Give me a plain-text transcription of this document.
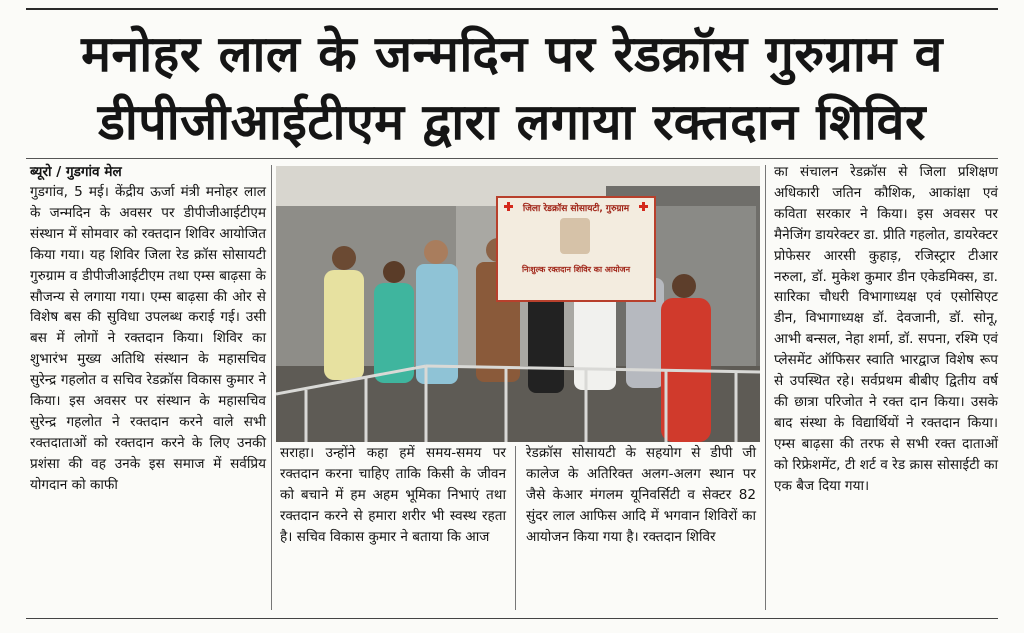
मनोहर लाल के जन्मदिन पर रेडक्रॉस गुरुग्राम व
डीपीजीआईटीएम द्वारा लगाया रक्तदान शिविर
ब्यूरो / गुडगांव मेल

गुडगांव, 5 मई। केंद्रीय ऊर्जा मंत्री मनोहर लाल के जन्मदिन के अवसर पर डीपीजीआईटीएम संस्थान में सोमवार को रक्तदान शिविर आयोजित किया गया। यह शिविर जिला रेड क्रॉस सोसायटी गुरुग्राम व डीपीजीआईटीएम तथा एम्स बाढ़सा के सौजन्य से लगाया गया। एम्स बाढ़सा की ओर से विशेष बस की सुविधा उपलब्ध कराई गई। उसी बस में लोगों ने रक्तदान किया। शिविर का शुभारंभ मुख्य अतिथि संस्थान के महासचिव सुरेन्द्र गहलोत व सचिव रेडक्रॉस विकास कुमार ने किया। इस अवसर पर संस्थान के महासचिव सुरेन्द्र गहलोत ने रक्तदान करने वाले सभी रक्तदाताओं को रक्तदान करने के लिए उनकी प्रशंसा की वह उनके इस समाज में सर्वप्रिय योगदान को काफी

जिला रेडक्रॉस सोसायटी, गुरुग्राम
निःशुल्क रक्तदान शिविर का आयोजन

सराहा। उन्होंने कहा हमें समय-समय पर रक्तदान करना चाहिए ताकि किसी के जीवन को बचाने में हम अहम भूमिका निभाएं तथा रक्तदान करने से हमारा शरीर भी स्वस्थ रहता है। सचिव विकास कुमार ने बताया कि आज

रेडक्रॉस सोसायटी के सहयोग से डीपी जी कालेज के अतिरिक्त अलग-अलग स्थान पर जैसे केआर मंगलम यूनिवर्सिटी व सेक्टर 82 सुंदर लाल आफिस आदि में भगवान शिविरों का आयोजन किया गया है। रक्तदान शिविर

का संचालन रेडक्रॉस से जिला प्रशिक्षण अधिकारी जतिन कौशिक, आकांक्षा एवं कविता सरकार ने किया। इस अवसर पर मैनेजिंग डायरेक्टर डा. प्रीति गहलोत, डायरेक्टर प्रोफेसर आरसी कुहाड़, रजिस्ट्रार टीआर नरुला, डॉ. मुकेश कुमार डीन एकेडमिक्स, डा. सारिका चौधरी विभागाध्यक्ष एवं एसोसिएट डीन, विभागाध्यक्ष डॉ. देवजानी, डॉ. सोनू, आभी बन्सल, नेहा शर्मा, डॉ. सपना, रश्मि एवं प्लेसमेंट ऑफिसर स्वाति भारद्वाज विशेष रूप से उपस्थित रहे। सर्वप्रथम बीबीए द्वितीय वर्ष की छात्रा परिजोत ने रक्त दान किया। उसके बाद संस्था के विद्यार्थियों ने रक्तदान किया। एम्स बाढ़सा की तरफ से सभी रक्त दाताओं को रिफ्रेशमेंट, टी शर्ट व रेड क्रास सोसाईटी का एक बैज दिया गया।
